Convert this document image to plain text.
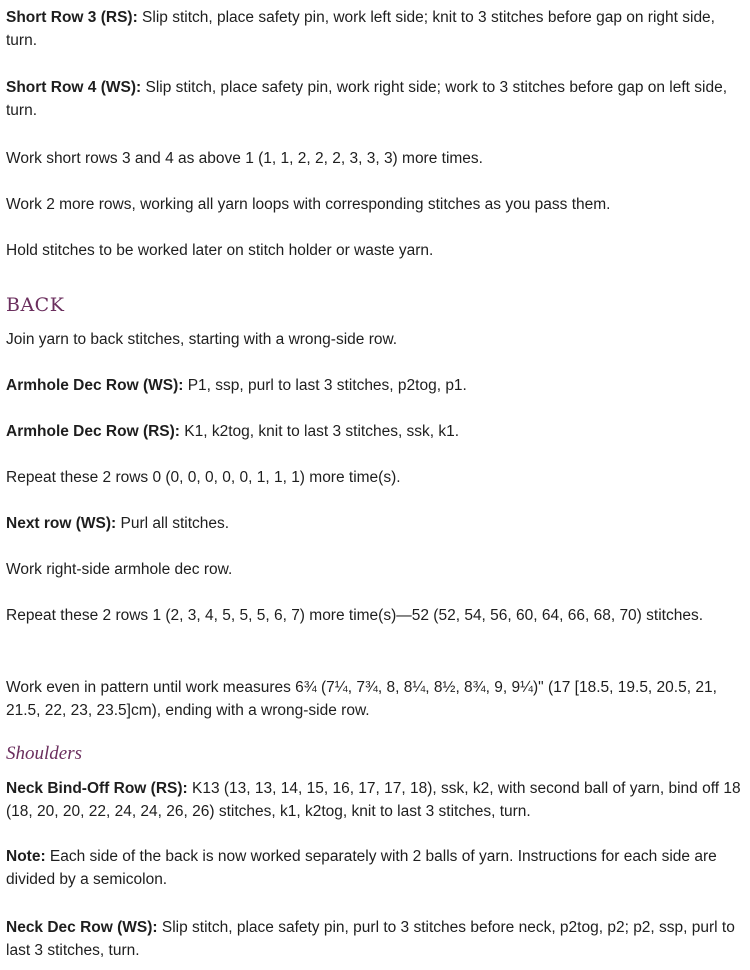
Short Row 3 (RS): Slip stitch, place safety pin, work left side; knit to 3 stitches before gap on right side, turn.

Short Row 4 (WS): Slip stitch, place safety pin, work right side; work to 3 stitches before gap on left side, turn.

Work short rows 3 and 4 as above 1 (1, 1, 2, 2, 2, 3, 3, 3) more times.

Work 2 more rows, working all yarn loops with corresponding stitches as you pass them.

Hold stitches to be worked later on stitch holder or waste yarn.

BACK

Join yarn to back stitches, starting with a wrong-side row.

Armhole Dec Row (WS): P1, ssp, purl to last 3 stitches, p2tog, p1.

Armhole Dec Row (RS): K1, k2tog, knit to last 3 stitches, ssk, k1.

Repeat these 2 rows 0 (0, 0, 0, 0, 0, 1, 1, 1) more time(s).

Next row (WS): Purl all stitches.

Work right-side armhole dec row.

Repeat these 2 rows 1 (2, 3, 4, 5, 5, 5, 6, 7) more time(s)—52 (52, 54, 56, 60, 64, 66, 68, 70) stitches.

Work even in pattern until work measures 6¾ (7¼, 7¾, 8, 8¼, 8½, 8¾, 9, 9¼)" (17 [18.5, 19.5, 20.5, 21, 21.5, 22, 23, 23.5]cm), ending with a wrong-side row.

Shoulders

Neck Bind-Off Row (RS): K13 (13, 13, 14, 15, 16, 17, 17, 18), ssk, k2, with second ball of yarn, bind off 18 (18, 20, 20, 22, 24, 24, 26, 26) stitches, k1, k2tog, knit to last 3 stitches, turn.

Note: Each side of the back is now worked separately with 2 balls of yarn. Instructions for each side are divided by a semicolon.

Neck Dec Row (WS): Slip stitch, place safety pin, purl to 3 stitches before neck, p2tog, p2; p2, ssp, purl to last 3 stitches, turn.
